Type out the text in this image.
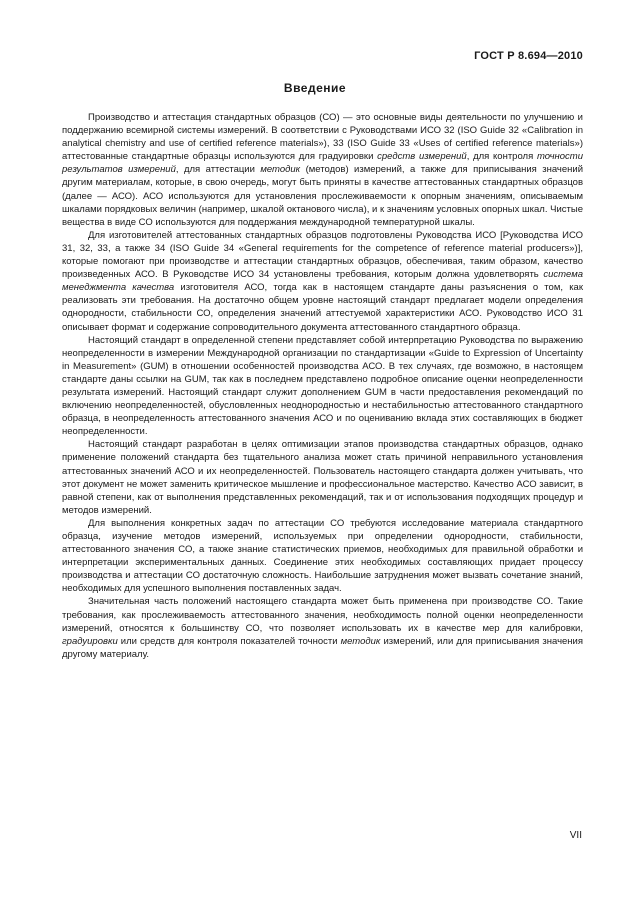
ГОСТ Р 8.694—2010
Введение

Производство и аттестация стандартных образцов (СО) — это основные виды деятельности по улучшению и поддержанию всемирной системы измерений. В соответствии с Руководствами ИСО 32 (ISO Guide 32 «Calibration in analytical chemistry and use of certified reference materials»), 33 (ISO Guide 33 «Uses of certified reference materials») аттестованные стандартные образцы используются для градуировки средств измерений, для контроля точности результатов измерений, для аттестации методик (методов) измерений, а также для приписывания значений другим материалам, которые, в свою очередь, могут быть приняты в качестве аттестованных стандартных образцов (далее — АСО). АСО используются для установления прослеживаемости к опорным значениям, описываемым шкалами порядковых величин (например, шкалой октанового числа), и к значениям условных опорных шкал. Чистые вещества в виде СО используются для поддержания международной температурной шкалы.

Для изготовителей аттестованных стандартных образцов подготовлены Руководства ИСО [Руководства ИСО 31, 32, 33, а также 34 (ISO Guide 34 «General requirements for the competence of reference material producers»)], которые помогают при производстве и аттестации стандартных образцов, обеспечивая, таким образом, качество произведенных АСО. В Руководстве ИСО 34 установлены требования, которым должна удовлетворять система менеджмента качества изготовителя АСО, тогда как в настоящем стандарте даны разъяснения о том, как реализовать эти требования. На достаточно общем уровне настоящий стандарт предлагает модели определения однородности, стабильности СО, определения значений аттестуемой характеристики АСО. Руководство ИСО 31 описывает формат и содержание сопроводительного документа аттестованного стандартного образца.

Настоящий стандарт в определенной степени представляет собой интерпретацию Руководства по выражению неопределенности в измерении Международной организации по стандартизации «Guide to Expression of Uncertainty in Measurement» (GUM) в отношении особенностей производства АСО. В тех случаях, где возможно, в настоящем стандарте даны ссылки на GUM, так как в последнем представлено подробное описание оценки неопределенности результата измерений. Настоящий стандарт служит дополнением GUM в части предоставления рекомендаций по включению неопределенностей, обусловленных неоднородностью и нестабильностью аттестованного стандартного образца, в неопределенность аттестованного значения АСО и по оцениванию вклада этих составляющих в бюджет неопределенности.

Настоящий стандарт разработан в целях оптимизации этапов производства стандартных образцов, однако применение положений стандарта без тщательного анализа может стать причиной неправильного установления аттестованных значений АСО и их неопределенностей. Пользователь настоящего стандарта должен учитывать, что этот документ не может заменить критическое мышление и профессиональное мастерство. Качество АСО зависит, в равной степени, как от выполнения представленных рекомендаций, так и от использования подходящих процедур и методов измерений.

Для выполнения конкретных задач по аттестации СО требуются исследование материала стандартного образца, изучение методов измерений, используемых при определении однородности, стабильности, аттестованного значения СО, а также знание статистических приемов, необходимых для правильной обработки и интерпретации экспериментальных данных. Соединение этих необходимых составляющих придает процессу производства и аттестации СО достаточную сложность. Наибольшие затруднения может вызвать сочетание знаний, необходимых для успешного выполнения поставленных задач.

Значительная часть положений настоящего стандарта может быть применена при производстве СО. Такие требования, как прослеживаемость аттестованного значения, необходимость полной оценки неопределенности измерений, относятся к большинству СО, что позволяет использовать их в качестве мер для калибровки, градуировки или средств для контроля показателей точности методик измерений, или для приписывания значения другому материалу.

VII
